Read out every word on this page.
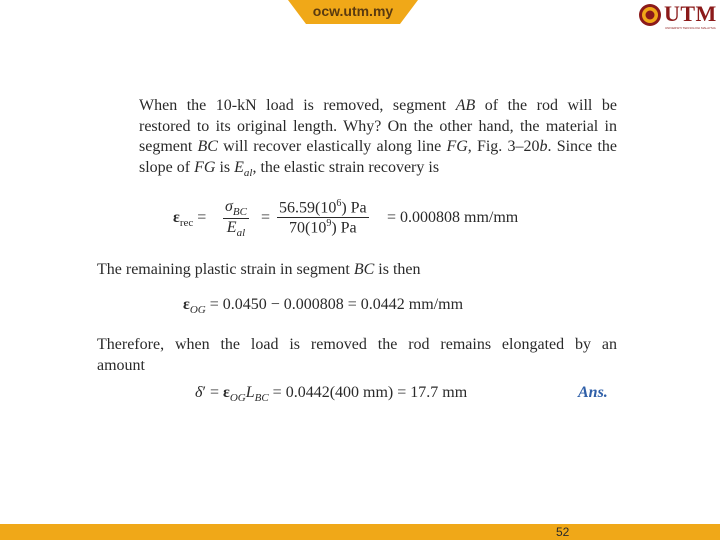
ocw.utm.my	UTM
UNIVERSITI TEKNOLOGI MALAYSIA
When the 10-kN load is removed, segment AB of the rod will be
restored to its original length. Why? On the other hand, the material in
segment BC will recover elastically along line FG, Fig. 3–20b. Since the
slope of FG is $E_{al}$, the elastic strain recovery is
$\varepsilon_{rec}$ =
$\sigma_{BC}$
$E_{al}$
= $\frac{56.59(10^6) Pa}{70(10^9) Pa} = 0.000808$ mm/mm
The remaining plastic strain in segment BC is then
$\varepsilon_{OG} = 0.0450 - 0.000808 = 0.0442$ mm/mm
Therefore, when the load is removed the rod remains elongated by an
amount
$\delta' = \varepsilon_{OG}L_{BC} = 0.0442(400$ mm) = 17.7 mm	Ans.
52
